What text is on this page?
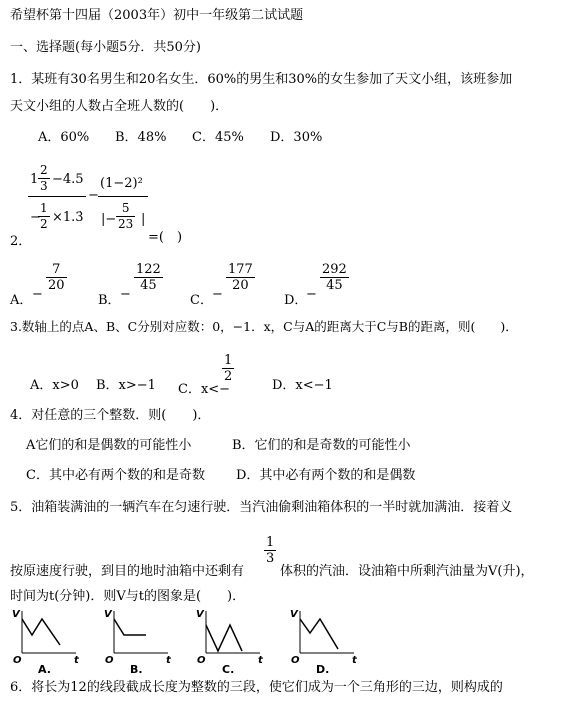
希望杯第十四届（2003年）初中一年级第二试试题
一、选择题(每小题5分．共50分)
1．某班有30名男生和20名女生．60%的男生和30%的女生参加了天文小组，该班参加
天文小组的人数占全班人数的(　　)．
A．60% B．48% C．45% D．30%
$1 \frac{2}{3} -4.5$
−
$\frac{1}{2}$ ×1.3̇
−
(1−2)²
|− $\frac{5}{23}$ |
2．	=(　)
A． −
$\frac{7}{20}$
B． −
$\frac{122}{45}$
C． −
$\frac{177}{20}$
D．
−
$\frac{292}{45}$
3.数轴上的点A、B、C分别对应数：0，−1．x，C与A的距离大于C与B的距离，则(　　)．
A．x>0 B．x>−1 C．x<−
$\frac{1}{2}$
D．x<−1
4．对任意的三个整数．则(　　)．
A它们的和是偶数的可能性小	B．它们的和是奇数的可能性小
C．其中必有两个数的和是奇数 D．其中必有两个数的和是偶数
5．油箱装满油的一辆汽车在匀速行驶．当汽油偷剩油箱体积的一半时就加满油．接着义
按原速度行驶，到目的地时油箱中还剩有
$\frac{1}{3}$
体积的汽油．设油箱中所剩汽油量为V(升)，
时间为t(分钟)．则V与t的图象是(　　)．
V
O	t
A.
V
O	t
B.
V
O	t
C.
V
O	t
D.
6．将长为12的线段截成长度为整数的三段，使它们成为一个三角形的三边，则构成的
